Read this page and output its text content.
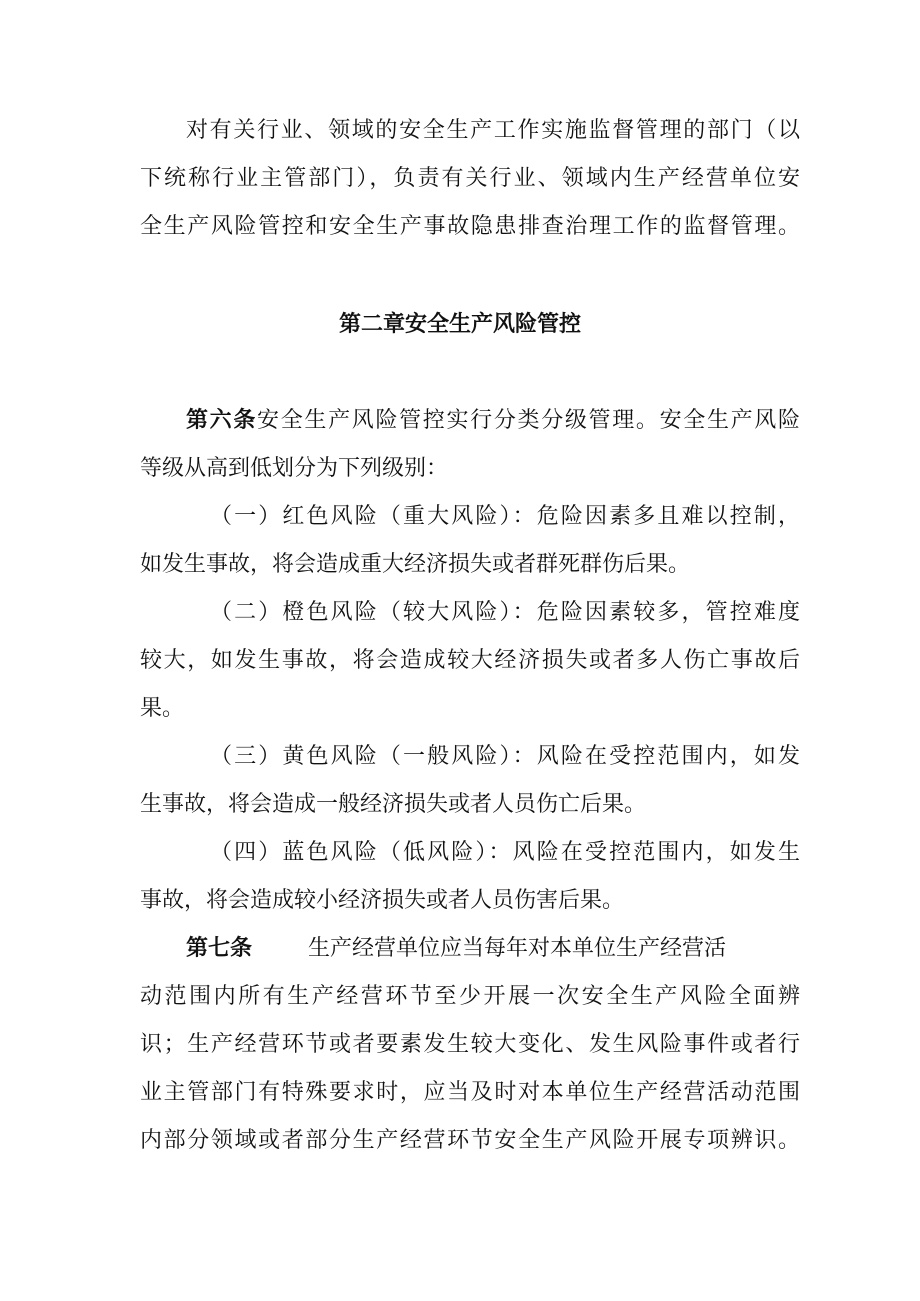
对有关行业、领域的安全生产工作实施监督管理的部门（以
下统称行业主管部门），负责有关行业、领域内生产经营单位安
全生产风险管控和安全生产事故隐患排查治理工作的监督管理。
第二章安全生产风险管控
第六条安全生产风险管控实行分类分级管理。安全生产风险
等级从高到低划分为下列级别：
（一）红色风险（重大风险）：危险因素多且难以控制，
如发生事故，将会造成重大经济损失或者群死群伤后果。
（二）橙色风险（较大风险）：危险因素较多，管控难度
较大，如发生事故，将会造成较大经济损失或者多人伤亡事故后
果。
（三）黄色风险（一般风险）：风险在受控范围内，如发
生事故，将会造成一般经济损失或者人员伤亡后果。
（四）蓝色风险（低风险）：风险在受控范围内，如发生
事故，将会造成较小经济损失或者人员伤害后果。
第七条	生产经营单位应当每年对本单位生产经营活
动范围内所有生产经营环节至少开展一次安全生产风险全面辨
识；生产经营环节或者要素发生较大变化、发生风险事件或者行
业主管部门有特殊要求时，应当及时对本单位生产经营活动范围
内部分领域或者部分生产经营环节安全生产风险开展专项辨识。
